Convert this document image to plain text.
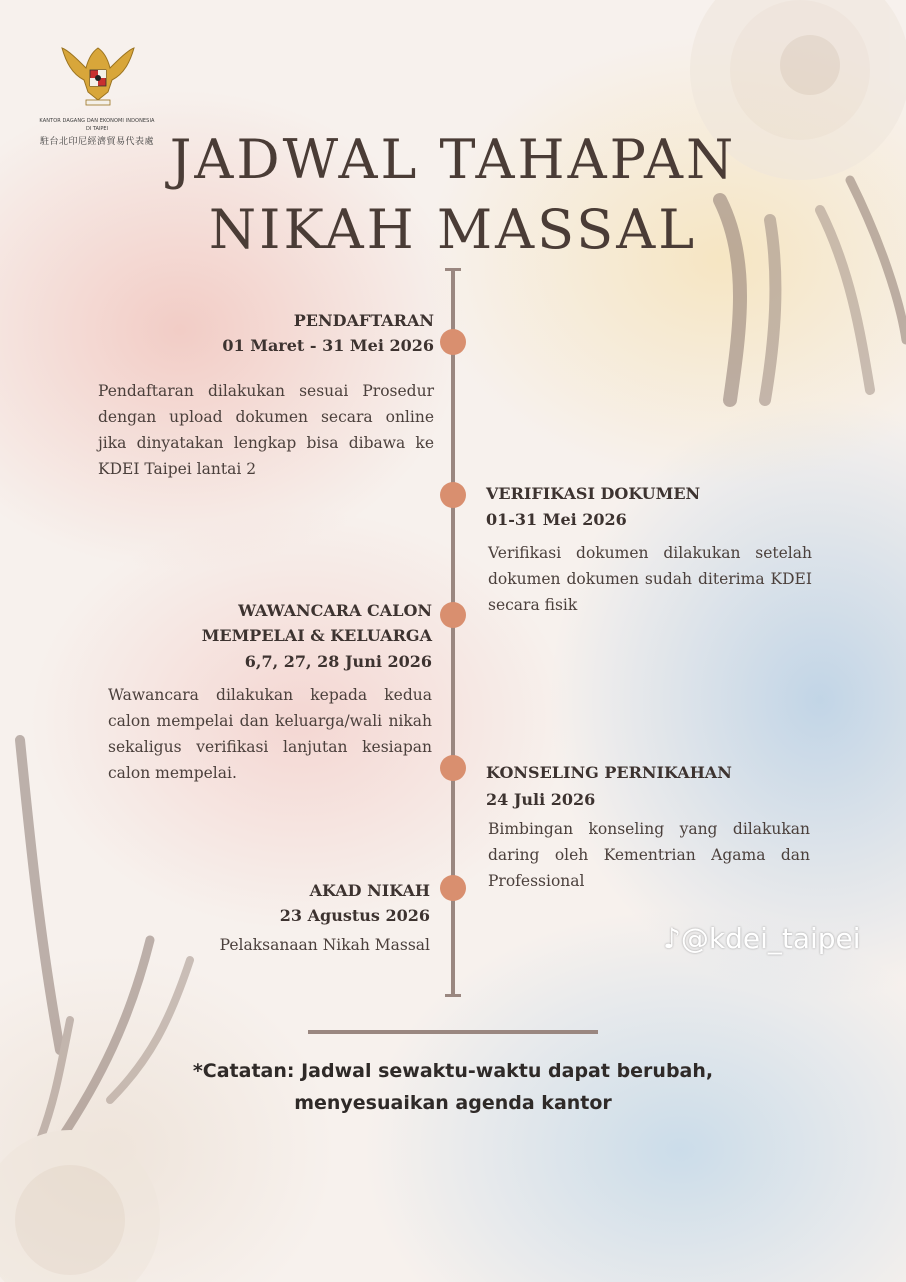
KANTOR DAGANG DAN EKONOMI INDONESIA
DI TAIPEI
駐台北印尼經濟貿易代表處 JADWAL TAHAPAN
NIKAH MASSAL
PENDAFTARAN
01 Maret - 31 Mei 2026
Pendaftaran dilakukan sesuai Prosedur dengan upload dokumen secara online jika dinyatakan lengkap bisa dibawa ke KDEI Taipei lantai 2
VERIFIKASI DOKUMEN
01-31 Mei 2026
Verifikasi dokumen dilakukan setelah dokumen dokumen sudah diterima KDEI secara fisik
WAWANCARA CALON
MEMPELAI & KELUARGA
6,7, 27, 28 Juni 2026
Wawancara dilakukan kepada kedua calon mempelai dan keluarga/wali nikah sekaligus verifikasi lanjutan kesiapan calon mempelai.	KONSELING PERNIKAHAN
24 Juli 2026
Bimbingan konseling yang dilakukan daring oleh Kementrian Agama dan Professional
AKAD NIKAH
23 Agustus 2026
Pelaksanaan Nikah Massal	♪@kdei_taipei
*Catatan: Jadwal sewaktu-waktu dapat berubah,
menyesuaikan agenda kantor
